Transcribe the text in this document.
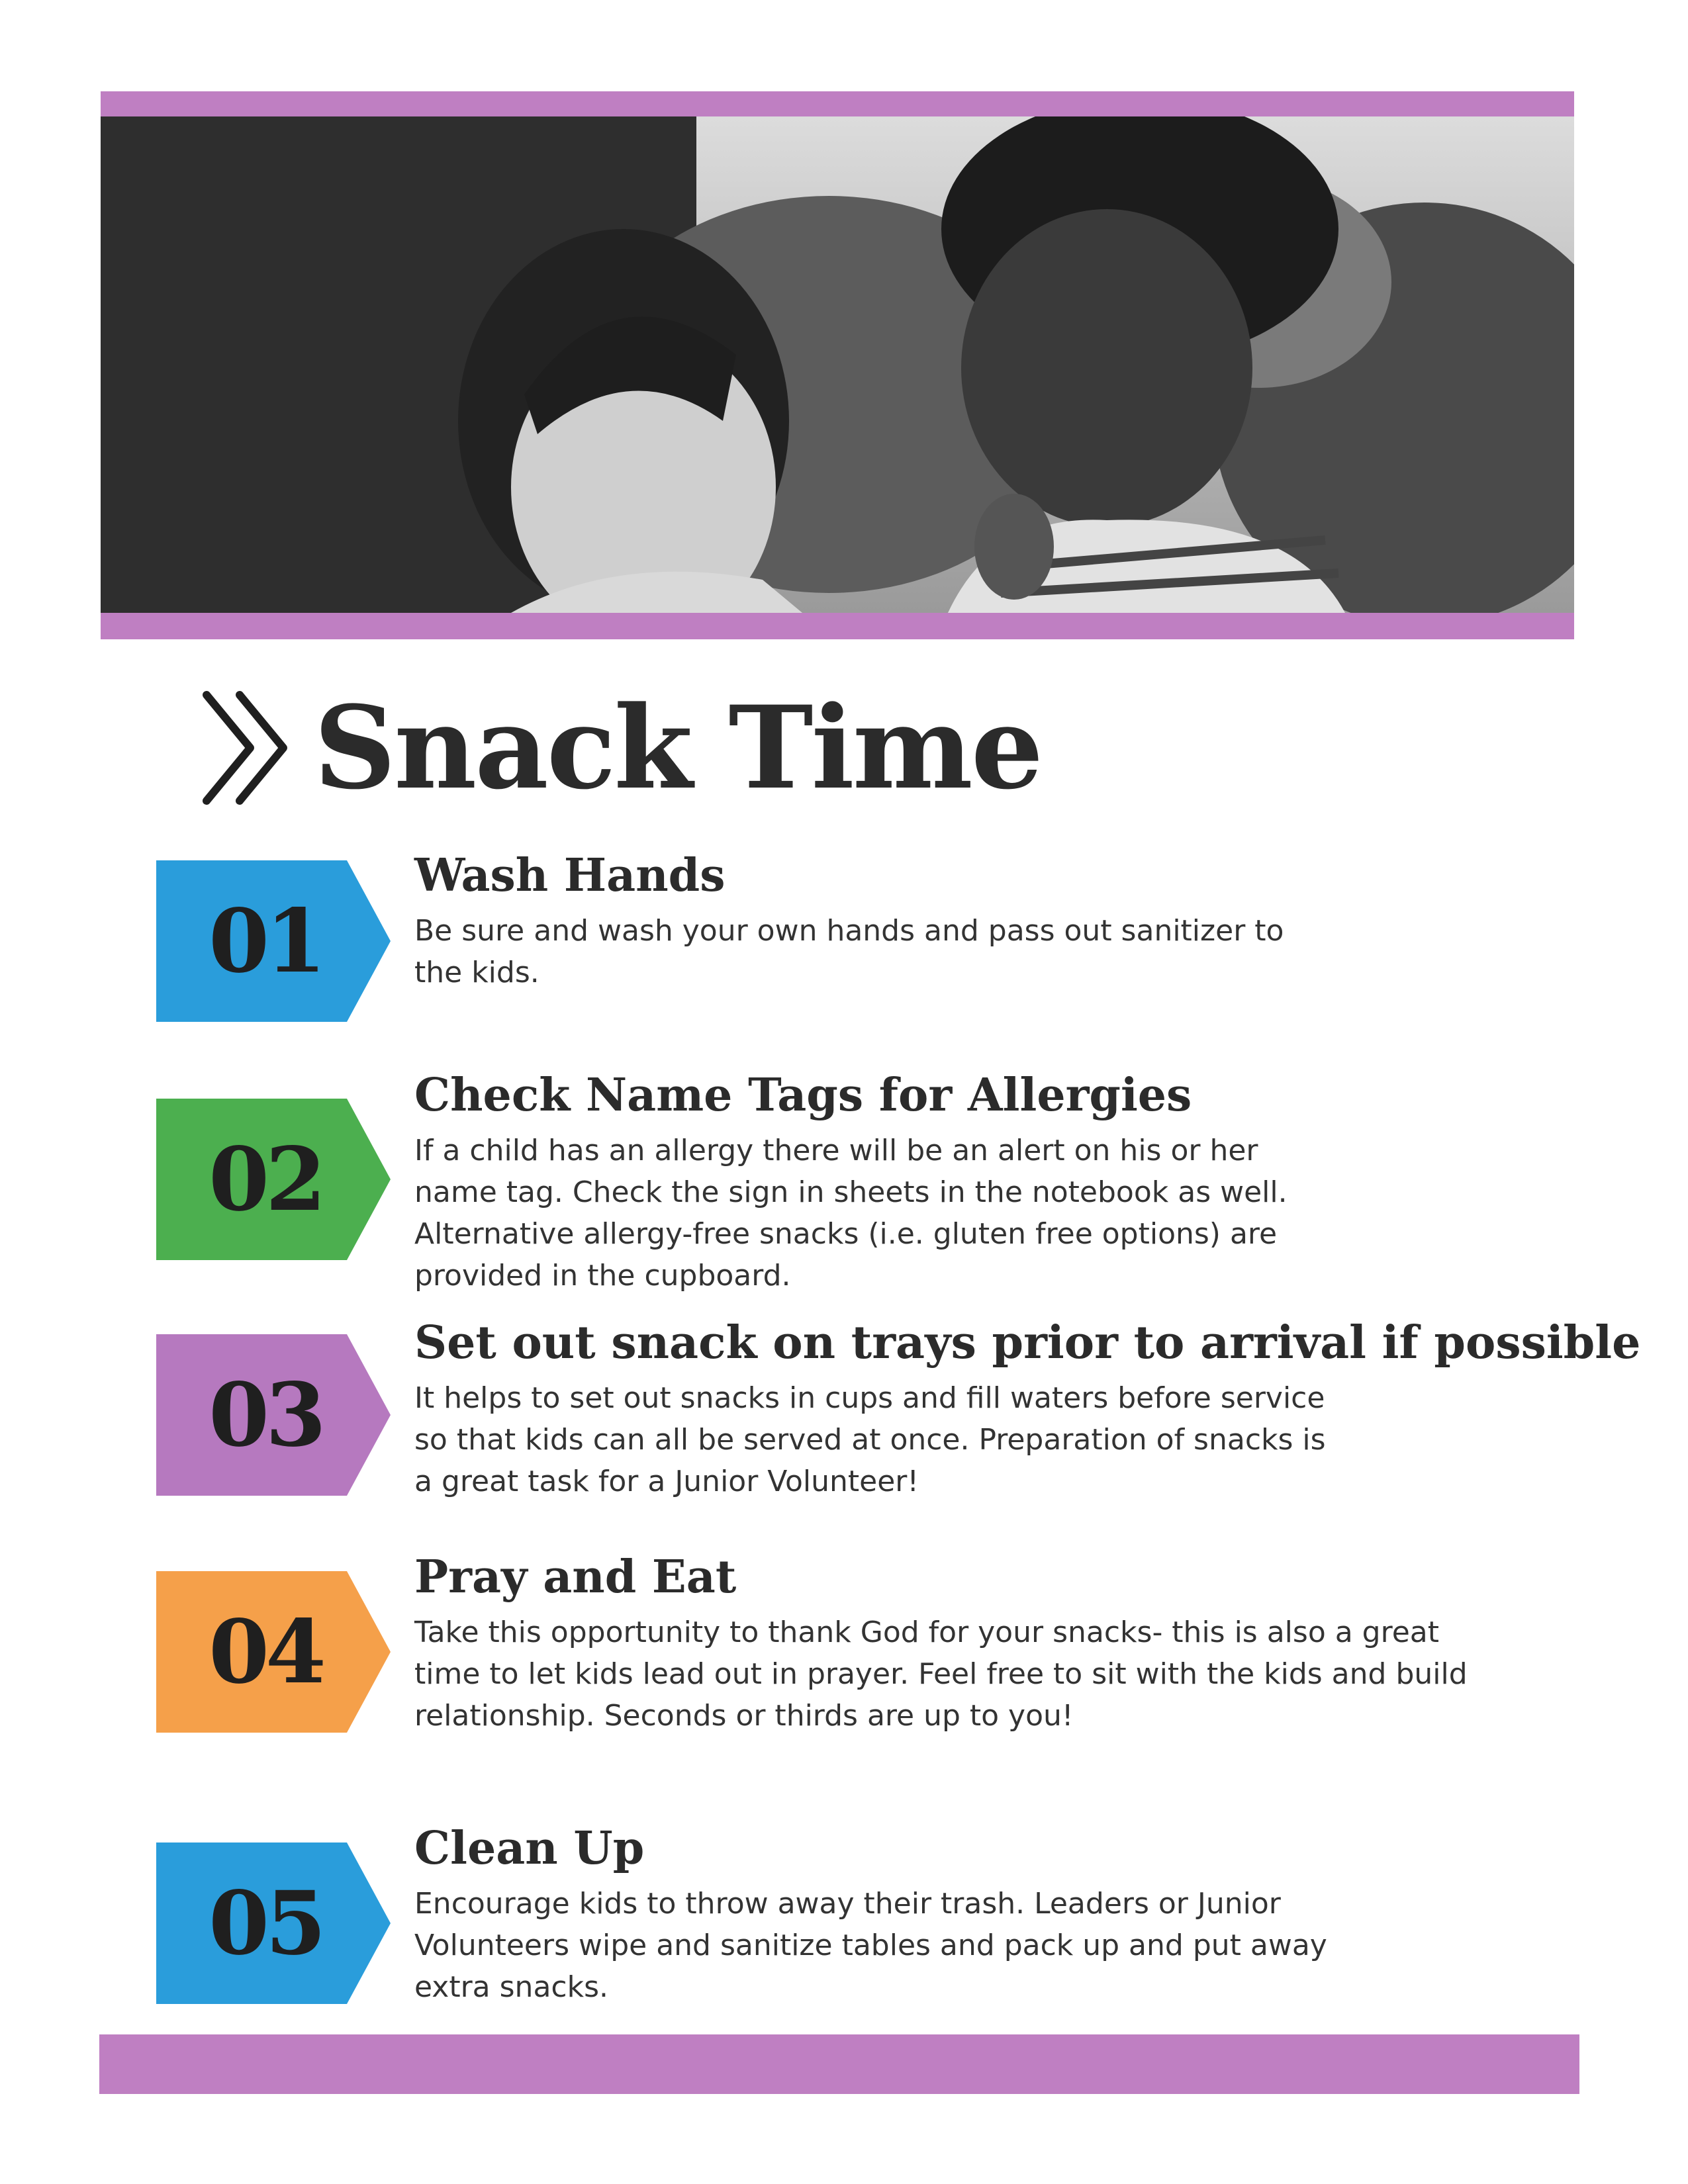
Snack Time
01
Wash Hands

Be sure and wash your own hands and pass out sanitizer to
the kids.

02
Check Name Tags for Allergies

If a child has an allergy there will be an alert on his or her
name tag. Check the sign in sheets in the notebook as well.
Alternative allergy-free snacks (i.e. gluten free options) are
provided in the cupboard.

03
Set out snack on trays prior to arrival if possible

It helps to set out snacks in cups and fill waters before service
so that kids can all be served at once. Preparation of snacks is
a great task for a Junior Volunteer!

04
Pray and Eat

Take this opportunity to thank God for your snacks- this is also a great
time to let kids lead out in prayer. Feel free to sit with the kids and build
relationship. Seconds or thirds are up to you!

05
Clean Up

Encourage kids to throw away their trash. Leaders or Junior
Volunteers wipe and sanitize tables and pack up and put away
extra snacks.
